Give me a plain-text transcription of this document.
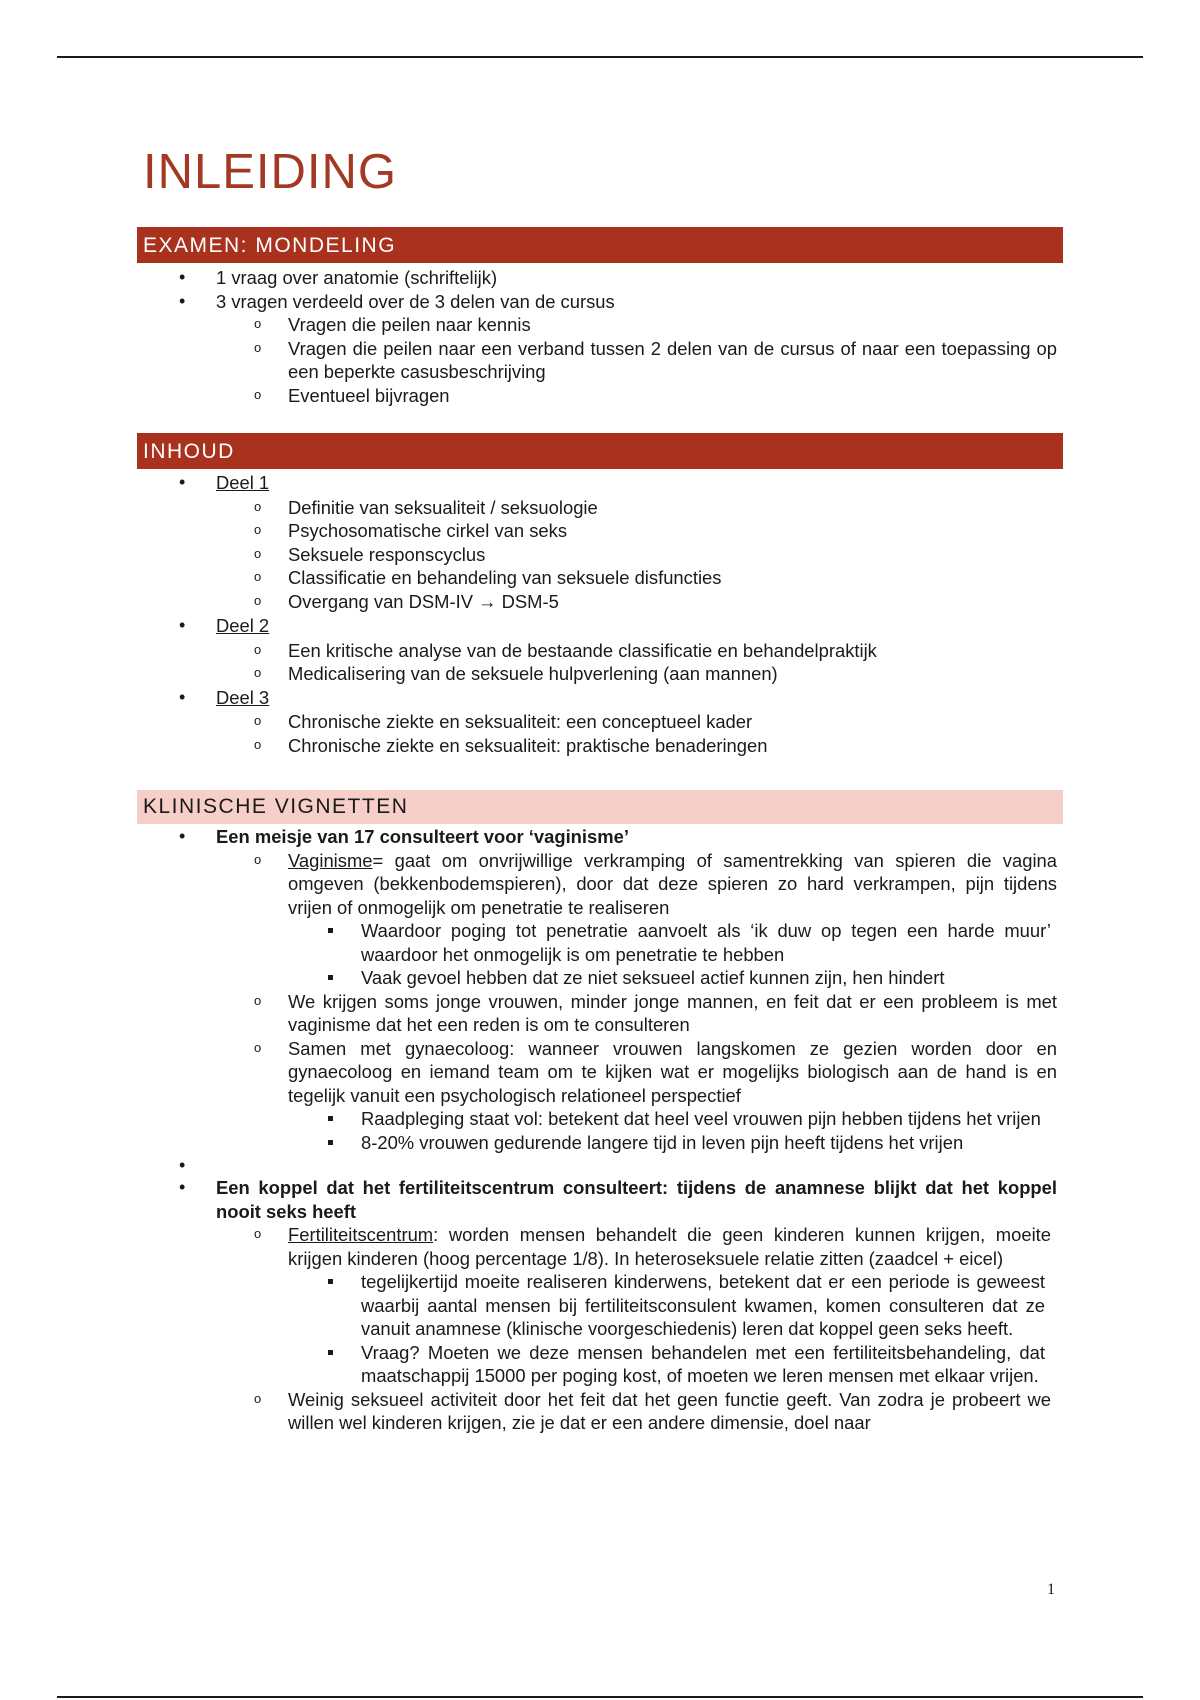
INLEIDING
EXAMEN: MONDELING
• 1 vraag over anatomie (schriftelijk)
• 3 vragen verdeeld over de 3 delen van de cursus
o Vragen die peilen naar kennis
o Vragen die peilen naar een verband tussen 2 delen van de cursus of naar een toepassing op een beperkte casusbeschrijving
o Eventueel bijvragen
INHOUD
• Deel 1
o Definitie van seksualiteit / seksuologie
o Psychosomatische cirkel van seks
o Seksuele responscyclus
o Classificatie en behandeling van seksuele disfuncties
o Overgang van DSM-IV → DSM-5
• Deel 2
o Een kritische analyse van de bestaande classificatie en behandelpraktijk
o Medicalisering van de seksuele hulpverlening (aan mannen)
• Deel 3
o Chronische ziekte en seksualiteit: een conceptueel kader
o Chronische ziekte en seksualiteit: praktische benaderingen
KLINISCHE VIGNETTEN
• Een meisje van 17 consulteert voor ‘vaginisme’
o Vaginisme= gaat om onvrijwillige verkramping of samentrekking van spieren die vagina omgeven (bekkenbodemspieren), door dat deze spieren zo hard verkrampen, pijn tijdens vrijen of onmogelijk om penetratie te realiseren
Waardoor poging tot penetratie aanvoelt als ‘ik duw op tegen een harde muur’ waardoor het onmogelijk is om penetratie te hebben
Vaak gevoel hebben dat ze niet seksueel actief kunnen zijn, hen hindert
o We krijgen soms jonge vrouwen, minder jonge mannen, en feit dat er een probleem is met vaginisme dat het een reden is om te consulteren
o Samen met gynaecoloog: wanneer vrouwen langskomen ze gezien worden door en gynaecoloog en iemand team om te kijken wat er mogelijks biologisch aan de hand is en tegelijk vanuit een psychologisch relationeel perspectief
Raadpleging staat vol: betekent dat heel veel vrouwen pijn hebben tijdens het vrijen
8-20% vrouwen gedurende langere tijd in leven pijn heeft tijdens het vrijen
•
• Een koppel dat het fertiliteitscentrum consulteert: tijdens de anamnese blijkt dat het koppel nooit seks heeft
o Fertiliteitscentrum: worden mensen behandelt die geen kinderen kunnen krijgen, moeite krijgen kinderen (hoog percentage 1/8). In heteroseksuele relatie zitten (zaadcel + eicel)
tegelijkertijd moeite realiseren kinderwens, betekent dat er een periode is geweest waarbij aantal mensen bij fertiliteitsconsulent kwamen, komen consulteren dat ze vanuit anamnese (klinische voorgeschiedenis) leren dat koppel geen seks heeft.
Vraag? Moeten we deze mensen behandelen met een fertiliteitsbehandeling, dat maatschappij 15000 per poging kost, of moeten we leren mensen met elkaar vrijen.
o Weinig seksueel activiteit door het feit dat het geen functie geeft. Van zodra je probeert we willen wel kinderen krijgen, zie je dat er een andere dimensie, doel naar
1
